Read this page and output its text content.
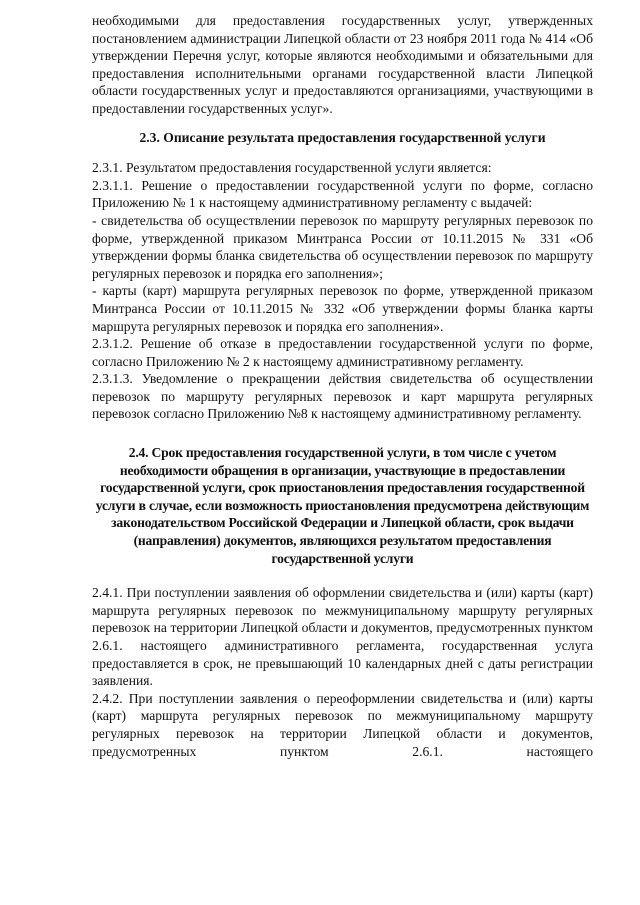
необходимыми для предоставления государственных услуг, утвержденных постановлением администрации Липецкой области от 23 ноября 2011 года № 414 «Об утверждении Перечня услуг, которые являются необходимыми и обязательными для предоставления исполнительными органами государственной власти Липецкой области государственных услуг и предоставляются организациями, участвующими в предоставлении государственных услуг».

2.3. Описание результата предоставления государственной услуги

2.3.1. Результатом предоставления государственной услуги является:

2.3.1.1. Решение о предоставлении государственной услуги по форме, согласно Приложению № 1 к настоящему административному регламенту с выдачей:

- свидетельства об осуществлении перевозок по маршруту регулярных перевозок по форме, утвержденной приказом Минтранса России от 10.11.2015 № 331 «Об утверждении формы бланка свидетельства об осуществлении перевозок по маршруту регулярных перевозок и порядка его заполнения»;

- карты (карт) маршрута регулярных перевозок по форме, утвержденной приказом Минтранса России от 10.11.2015 № 332 «Об утверждении формы бланка карты маршрута регулярных перевозок и порядка его заполнения».

2.3.1.2. Решение об отказе в предоставлении государственной услуги по форме, согласно Приложению № 2 к настоящему административному регламенту.

2.3.1.3. Уведомление о прекращении действия свидетельства об осуществлении перевозок по маршруту регулярных перевозок и карт маршрута регулярных перевозок согласно Приложению №8 к настоящему административному регламенту.

2.4. Срок предоставления государственной услуги, в том числе с учетом необходимости обращения в организации, участвующие в предоставлении государственной услуги, срок приостановления предоставления государственной услуги в случае, если возможность приостановления предусмотрена действующим законодательством Российской Федерации и Липецкой области, срок выдачи (направления) документов, являющихся результатом предоставления государственной услуги

2.4.1. При поступлении заявления об оформлении свидетельства и (или) карты (карт) маршрута регулярных перевозок по межмуниципальному маршруту регулярных перевозок на территории Липецкой области и документов, предусмотренных пунктом 2.6.1. настоящего административного регламента, государственная услуга предоставляется в срок, не превышающий 10 календарных дней с даты регистрации заявления.

2.4.2. При поступлении заявления о переоформлении свидетельства и (или) карты (карт) маршрута регулярных перевозок по межмуниципальному маршруту регулярных перевозок на территории Липецкой области и документов, предусмотренных пунктом 2.6.1. настоящего
